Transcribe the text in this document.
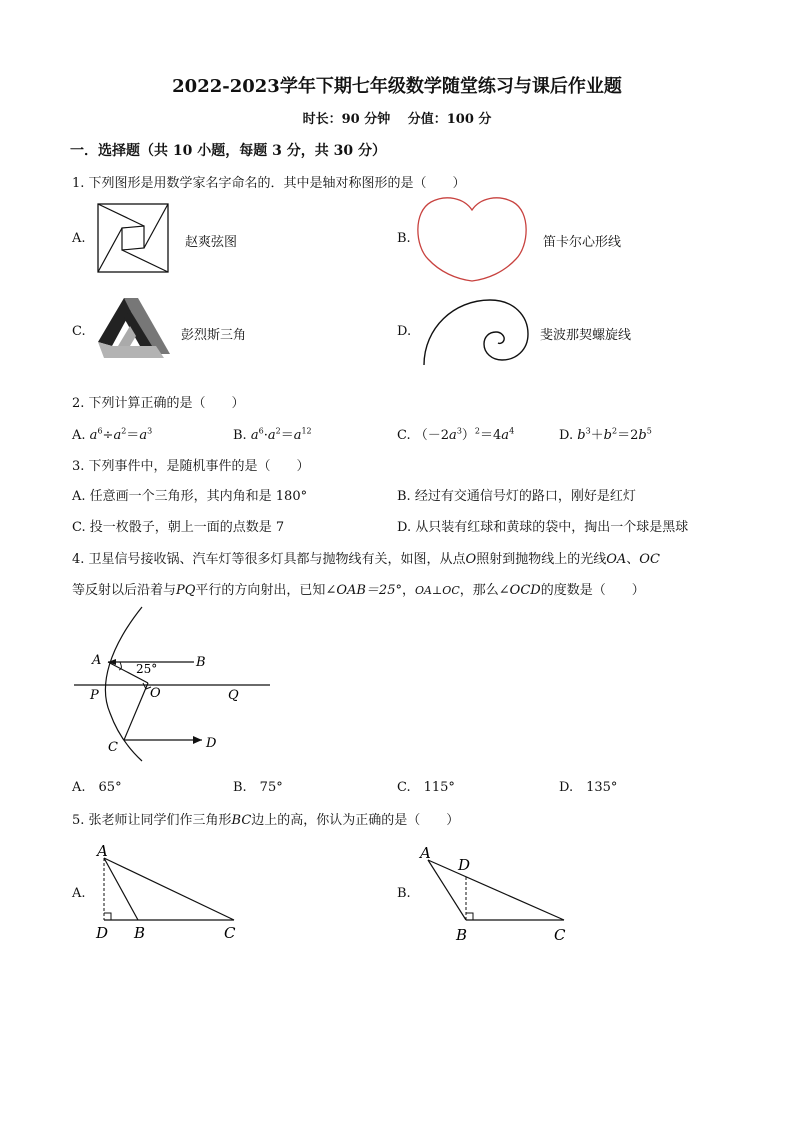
2022-2023学年下期七年级数学随堂练习与课后作业题
时长：90 分钟　 分值：100 分
一．选择题（共 10 小题，每题 3 分，共 30 分）
1. 下列图形是用数学家名字命名的．其中是轴对称图形的是（　　）
A.	赵爽弦图	B.	笛卡尔心形线
C.	彭烈斯三角	D.	斐波那契螺旋线
2. 下列计算正确的是（　　）
A. $a^6\div a^2=a^3$	B. $a^6\cdot a^2=a^{12}$	C. $(-2a^3)^2=4a^4$	D. $b^3+b^2=2b^5$
3. 下列事件中，是随机事件的是（　　）
A. 任意画一个三角形，其内角和是 180°	B. 经过有交通信号灯的路口，刚好是红灯
C. 投一枚骰子，朝上一面的点数是 7	D. 从只装有红球和黄球的袋中，掏出一个球是黑球
4. 卫星信号接收锅、汽车灯等很多灯具都与抛物线有关，如图，从点O照射到抛物线上的光线OA、OC
等反射以后沿着与PQ平行的方向射出，已知∠OAB＝25°，OA⊥OC，那么∠OCD的度数是（　　）
A	B
25°
P	O	Q
C	D
A.　65°	B.　75°	C.　115°	D.　135°
5. 张老师让同学们作三角形BC边上的高，你认为正确的是（　　）
A.
A
D B	C
B.
A
D
B	C
